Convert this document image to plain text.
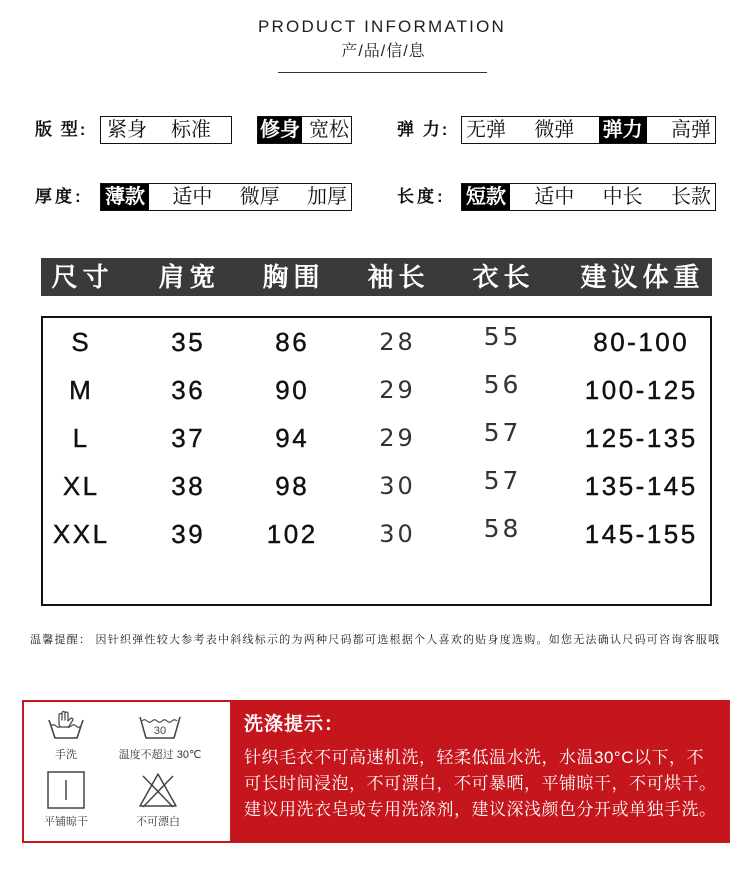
PRODUCT INFORMATION
产/品/信/息
版 型: 紧身 标准 修身 宽松	弹 力: 无弹 微弹 弹力 高弹
厚度: 薄款 适中 微厚 加厚	长度: 短款 适中 中长 长款
尺寸	肩宽	胸围	袖长	衣长	建议体重
S	35	86	28	55	80-100
M	36	90	29	56	100-125
L	37	94	29	57	125-135
XL	38	98	30	57	135-145
XXL	39	102	30	58	145-155
温馨提醒： 因针织弹性较大参考表中斜线标示的为两种尺码都可选根据个人喜欢的贴身度选购。如您无法确认尺码可咨询客服哦
手洗
30
温度不超过 30℃
平铺晾干	不可漂白
洗涤提示：
针织毛衣不可高速机洗，轻柔低温水洗，水温30°C以下，不
可长时间浸泡，不可漂白，不可暴晒，平铺晾干，不可烘干。
建议用洗衣皂或专用洗涤剂，建议深浅颜色分开或单独手洗。
